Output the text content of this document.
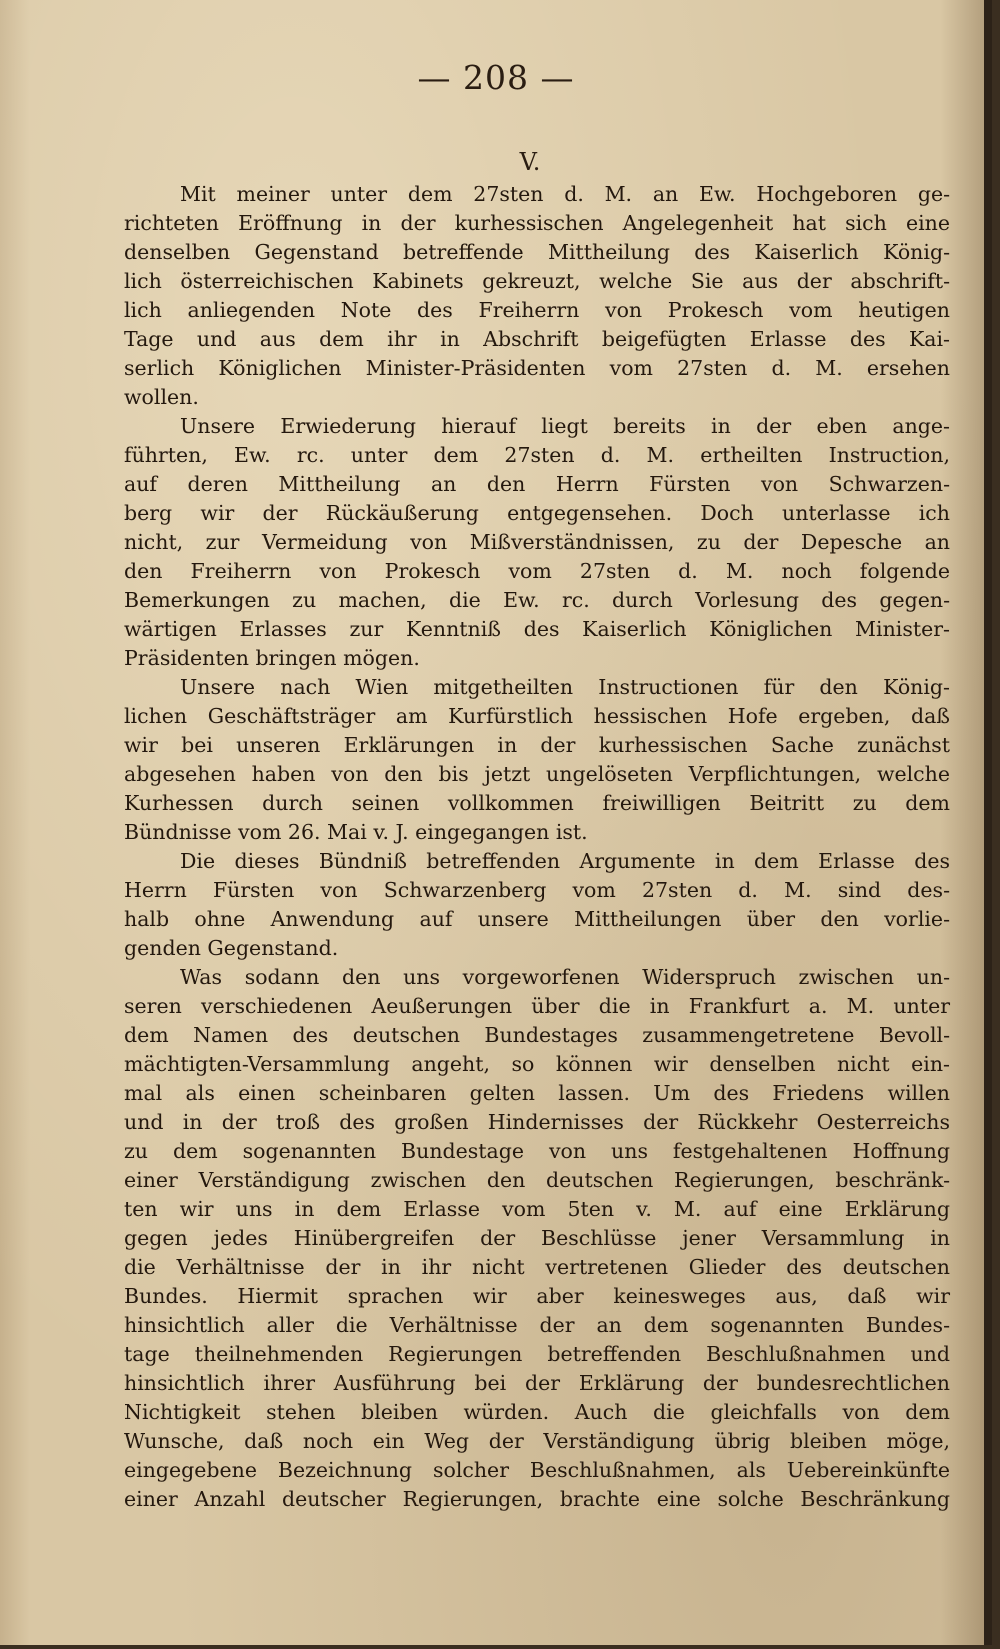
— 208 —
V.
Mit meiner unter dem 27sten d. M. an Ew. Hochgeboren ge-
richteten Eröffnung in der kurhessischen Angelegenheit hat sich eine
denselben Gegenstand betreffende Mittheilung des Kaiserlich König-
lich österreichischen Kabinets gekreuzt, welche Sie aus der abschrift-
lich anliegenden Note des Freiherrn von Prokesch vom heutigen
Tage und aus dem ihr in Abschrift beigefügten Erlasse des Kai-
serlich Königlichen Minister-Präsidenten vom 27sten d. M. ersehen
wollen.
Unsere Erwiederung hierauf liegt bereits in der eben ange-
führten, Ew. rc. unter dem 27sten d. M. ertheilten Instruction,
auf deren Mittheilung an den Herrn Fürsten von Schwarzen-
berg wir der Rückäußerung entgegensehen. Doch unterlasse ich
nicht, zur Vermeidung von Mißverständnissen, zu der Depesche an
den Freiherrn von Prokesch vom 27sten d. M. noch folgende
Bemerkungen zu machen, die Ew. rc. durch Vorlesung des gegen-
wärtigen Erlasses zur Kenntniß des Kaiserlich Königlichen Minister-
Präsidenten bringen mögen.
Unsere nach Wien mitgetheilten Instructionen für den König-
lichen Geschäftsträger am Kurfürstlich hessischen Hofe ergeben, daß
wir bei unseren Erklärungen in der kurhessischen Sache zunächst
abgesehen haben von den bis jetzt ungelöseten Verpflichtungen, welche
Kurhessen durch seinen vollkommen freiwilligen Beitritt zu dem
Bündnisse vom 26. Mai v. J. eingegangen ist.
Die dieses Bündniß betreffenden Argumente in dem Erlasse des
Herrn Fürsten von Schwarzenberg vom 27sten d. M. sind des-
halb ohne Anwendung auf unsere Mittheilungen über den vorlie-
genden Gegenstand.
Was sodann den uns vorgeworfenen Widerspruch zwischen un-
seren verschiedenen Aeußerungen über die in Frankfurt a. M. unter
dem Namen des deutschen Bundestages zusammengetretene Bevoll-
mächtigten-Versammlung angeht, so können wir denselben nicht ein-
mal als einen scheinbaren gelten lassen. Um des Friedens willen
und in der troß des großen Hindernisses der Rückkehr Oesterreichs
zu dem sogenannten Bundestage von uns festgehaltenen Hoffnung
einer Verständigung zwischen den deutschen Regierungen, beschränk-
ten wir uns in dem Erlasse vom 5ten v. M. auf eine Erklärung
gegen jedes Hinübergreifen der Beschlüsse jener Versammlung in
die Verhältnisse der in ihr nicht vertretenen Glieder des deutschen
Bundes. Hiermit sprachen wir aber keinesweges aus, daß wir
hinsichtlich aller die Verhältnisse der an dem sogenannten Bundes-
tage theilnehmenden Regierungen betreffenden Beschlußnahmen und
hinsichtlich ihrer Ausführung bei der Erklärung der bundesrechtlichen
Nichtigkeit stehen bleiben würden. Auch die gleichfalls von dem
Wunsche, daß noch ein Weg der Verständigung übrig bleiben möge,
eingegebene Bezeichnung solcher Beschlußnahmen, als Uebereinkünfte
einer Anzahl deutscher Regierungen, brachte eine solche Beschränkung
